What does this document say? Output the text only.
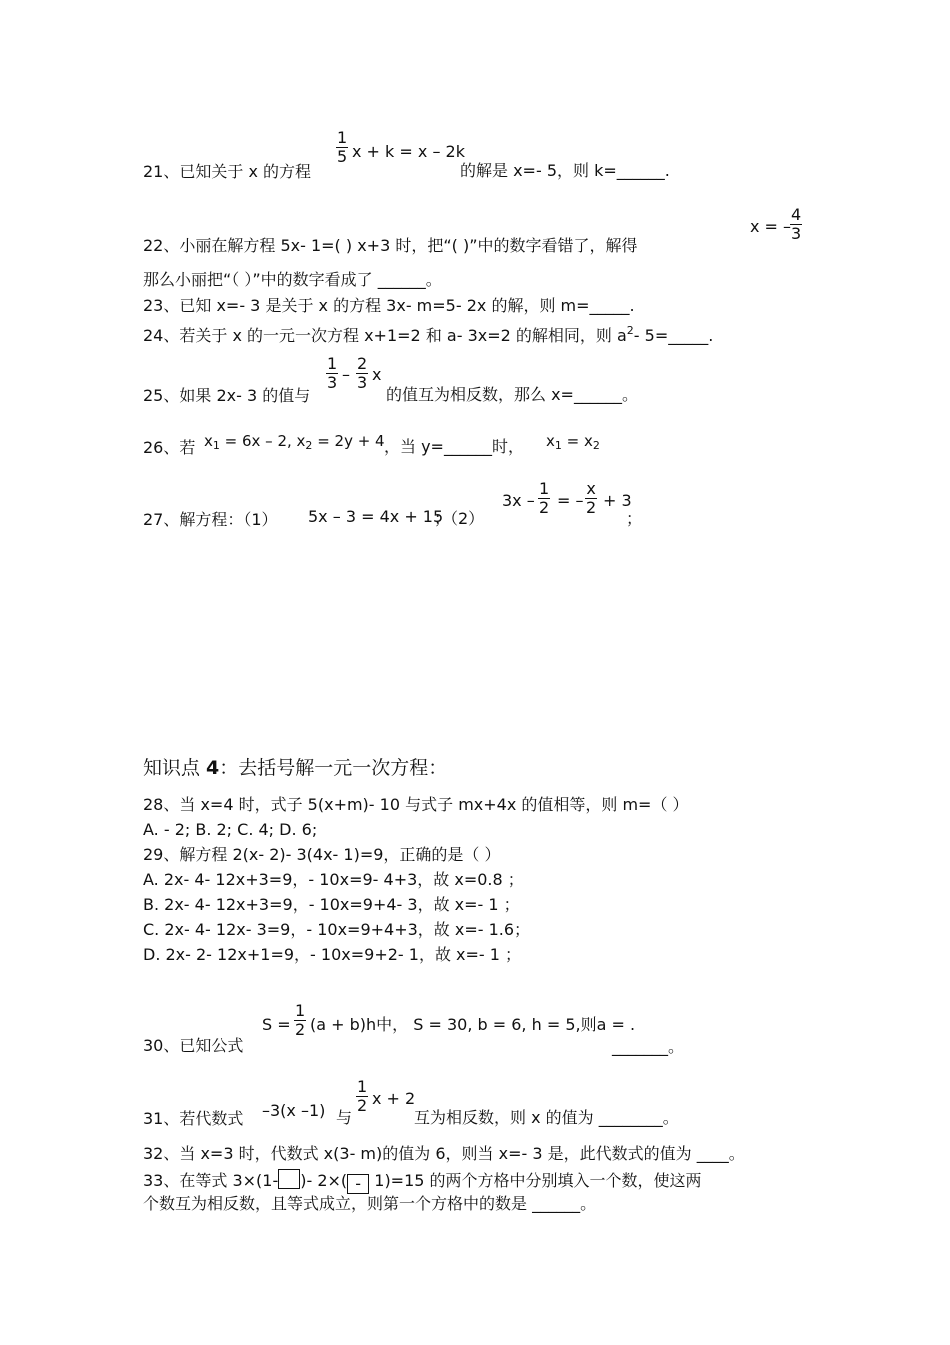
21、已知关于 x 的方程
$\frac{1}{5}$ x + k = x – 2k
的解是 x=- 5，则 k=______.
22、小丽在解方程 5x- 1=( ) x+3 时，把“( )”中的数字看错了，解得
x = –
$\frac{4}{3}$
那么小丽把“（ ）”中的数字看成了 ______。
23、已知 x=- 3 是关于 x 的方程 3x- m=5- 2x 的解，则 m=_____.
24、若关于 x 的一元一次方程 x+1=2 和 a- 3x=2 的解相同，则 $a^2-$ 5=_____.
25、如果 2x- 3 的值与
$\frac{1}{3} - \frac{2}{3}$ x
的值互为相反数，那么 x=______。
26、若 $x_1 = 6x - 2$, $x_2 = 2y + 4$ ，当 y=______时， $x_1 = x_2$
27、解方程：（1） 5x – 3 = 4x + 15
；（2）
$3x - \frac{1}{2}$ = – $\frac{x}{2} + 3$
；
知识点 4：去括号解一元一次方程：
28、当 x=4 时，式子 5(x+m)- 10 与式子 mx+4x 的值相等，则 m=（ ）
A. - 2; B. 2; C. 4; D. 6;
29、解方程 2(x- 2)- 3(4x- 1)=9，正确的是（ ）
A. 2x- 4- 12x+3=9，- 10x=9- 4+3，故 x=0.8 ；
B. 2x- 4- 12x+3=9，- 10x=9+4- 3，故 x=- 1 ；
C. 2x- 4- 12x- 3=9，- 10x=9+4+3，故 x=- 1.6；
D. 2x- 2- 12x+1=9，- 10x=9+2- 1，故 x=- 1 ；
30、已知公式
$S = \frac{1}{2} (a + b)h$中， S = 30, b = 6, h = 5,则a = .
_______。
31、若代数式 –3(x –1) 与
$\frac{1}{2}$ x + 2
互为相反数，则 x 的值为 ________。
32、当 x=3 时，代数式 x(3- m)的值为 6，则当 x=- 3 是，此代数式的值为 ____。
33、在等式 3×(1- )- 2×( - 1)=15 的两个方格中分别填入一个数，使这两
个数互为相反数，且等式成立，则第一个方格中的数是 ______。
